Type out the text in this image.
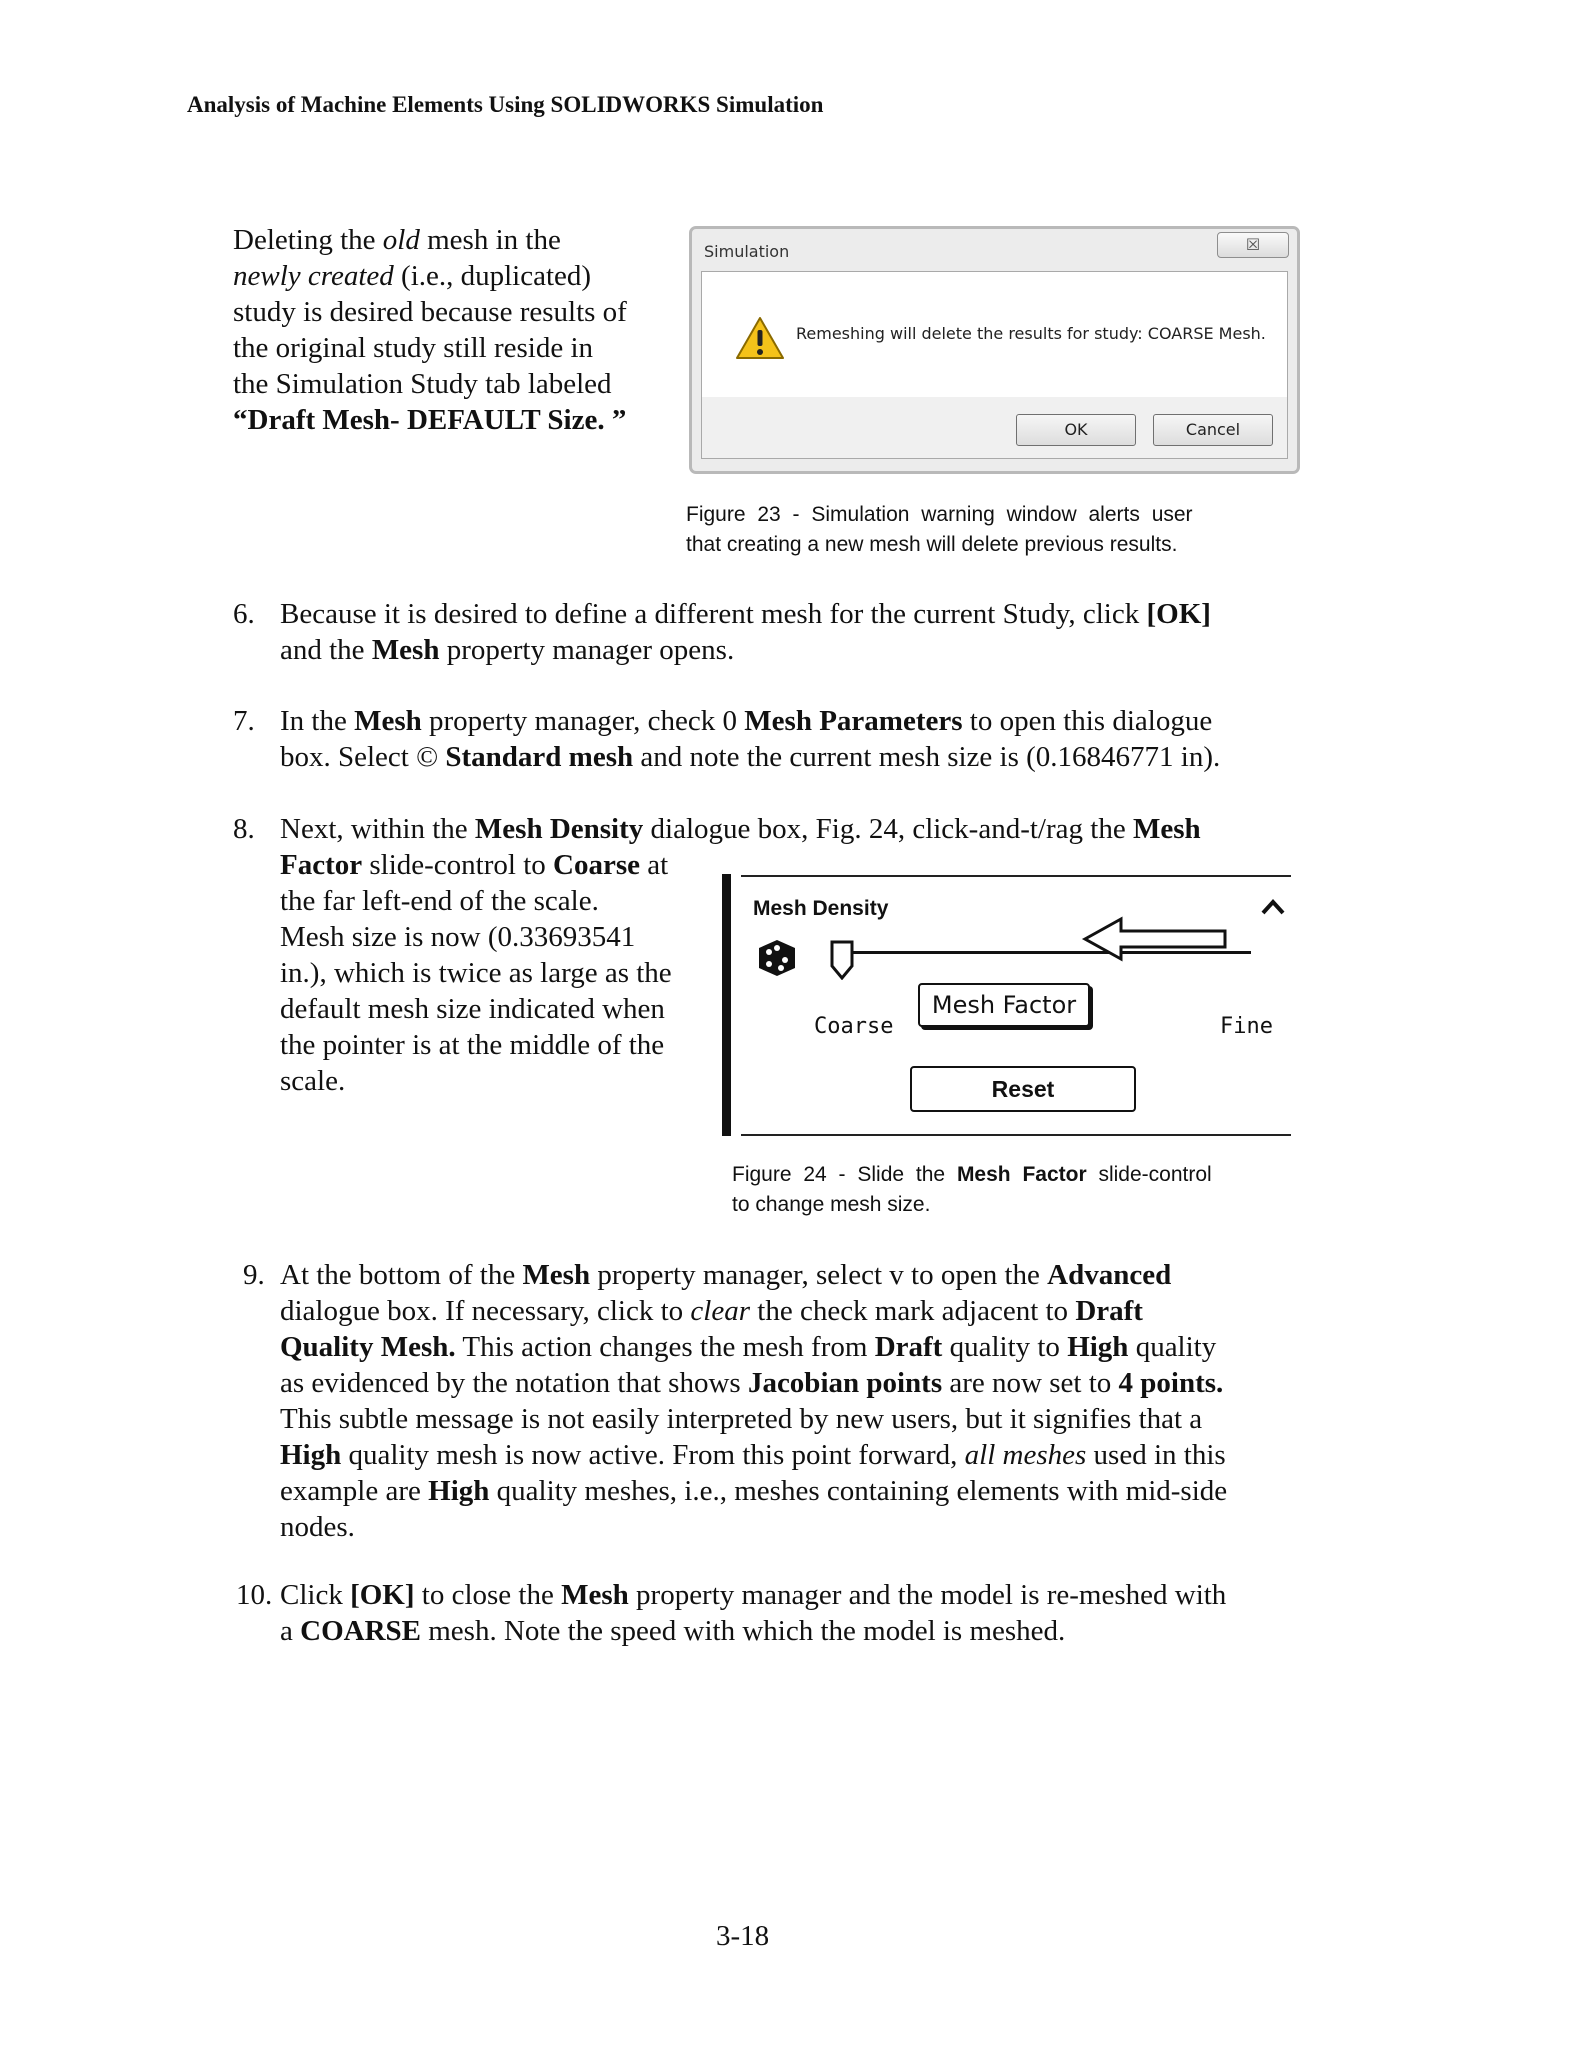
Analysis of Machine Elements Using SOLIDWORKS Simulation
Deleting the old mesh in the
newly created (i.e., duplicated)
study is desired because results of
the original study still reside in
the Simulation Study tab labeled
“Draft Mesh- DEFAULT Size. ”
Simulation	☒
Remeshing will delete the results for study: COARSE Mesh.
OK	Cancel
Figure 23 - Simulation warning window alerts user
that creating a new mesh will delete previous results.
6. Because it is desired to define a different mesh for the current Study, click [OK]
and the Mesh property manager opens.
7. In the Mesh property manager, check 0 Mesh Parameters to open this dialogue
box. Select © Standard mesh and note the current mesh size is (0.16846771 in).
8. Next, within the Mesh Density dialogue box, Fig. 24, click-and-t/rag the Mesh
Factor slide-control to Coarse at
the far left-end of the scale.
Mesh size is now (0.33693541
in.), which is twice as large as the
default mesh size indicated when
the pointer is at the middle of the
scale.
Mesh Density
Coarse
Mesh Factor
Fine
Reset
Figure 24 - Slide the Mesh Factor slide-control
to change mesh size.
9. At the bottom of the Mesh property manager, select v to open the Advanced
dialogue box. If necessary, click to clear the check mark adjacent to Draft
Quality Mesh. This action changes the mesh from Draft quality to High quality
as evidenced by the notation that shows Jacobian points are now set to 4 points.
This subtle message is not easily interpreted by new users, but it signifies that a
High quality mesh is now active. From this point forward, all meshes used in this
example are High quality meshes, i.e., meshes containing elements with mid-side
nodes.
10. Click [OK] to close the Mesh property manager and the model is re-meshed with
a COARSE mesh. Note the speed with which the model is meshed.
3-18
